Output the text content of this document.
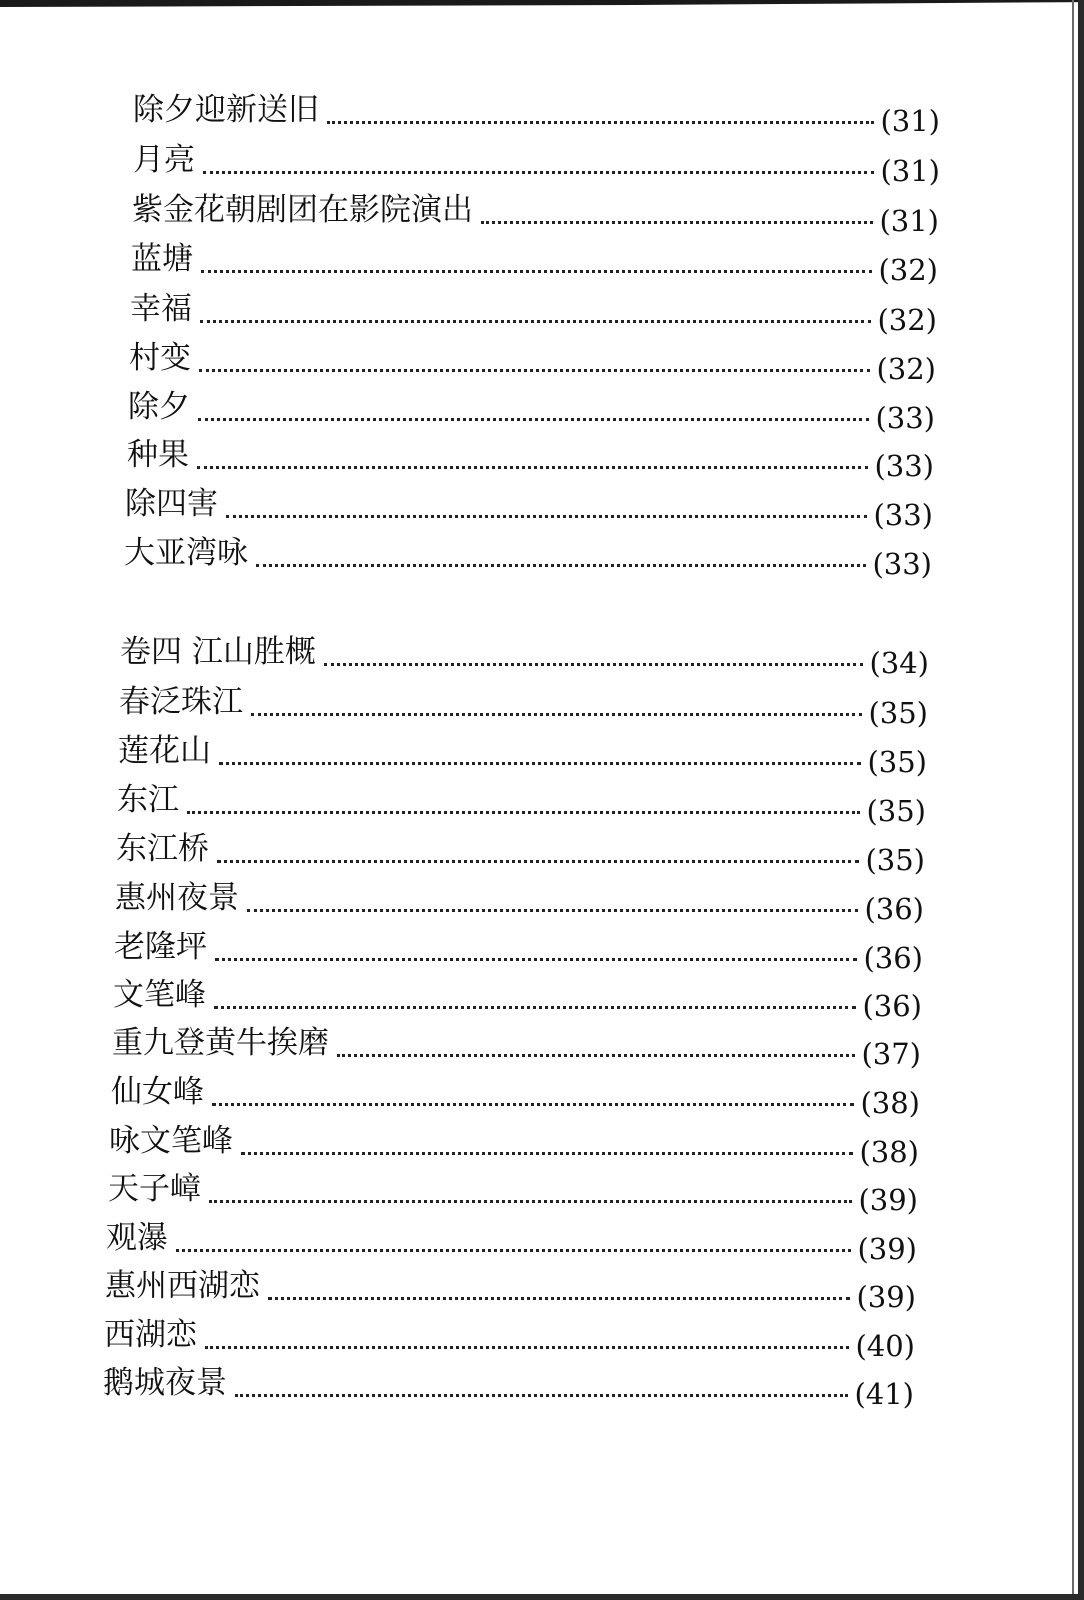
除夕迎新送旧	(31)
月亮	(31)
紫金花朝剧团在影院演出	(31)
蓝塘	(32)
幸福	(32)
村变	(32)
除夕	(33)
种果	(33)
除四害	(33)
大亚湾咏	(33)
卷四 江山胜概	(34)
春泛珠江	(35)
莲花山	(35)
东江	(35)
东江桥	(35)
惠州夜景	(36)
老隆坪	(36)
文笔峰	(36)
重九登黄牛挨磨	(37)
仙女峰	(38)
咏文笔峰	(38)
天子嶂	(39)
观瀑	(39)
惠州西湖恋	(39)
西湖恋	(40)
鹅城夜景	(41)
